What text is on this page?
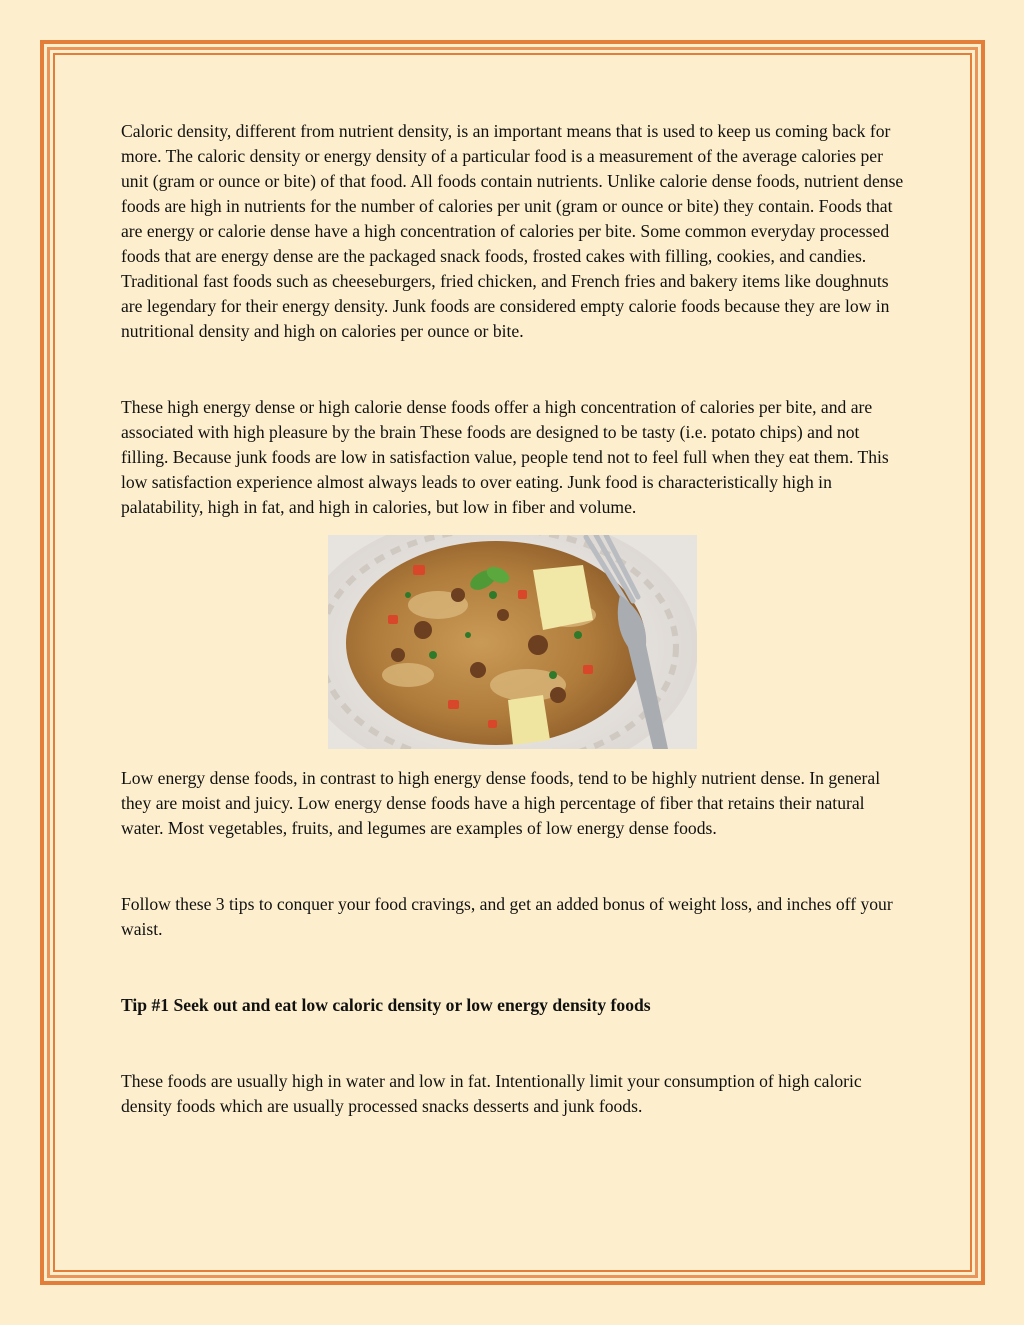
Caloric density, different from nutrient density, is an important means that is used to keep us coming back for more. The caloric density or energy density of a particular food is a measurement of the average calories per unit (gram or ounce or bite) of that food. All foods contain nutrients. Unlike calorie dense foods, nutrient dense foods are high in nutrients for the number of calories per unit (gram or ounce or bite) they contain. Foods that are energy or calorie dense have a high concentration of calories per bite. Some common everyday processed foods that are energy dense are the packaged snack foods, frosted cakes with filling, cookies, and candies. Traditional fast foods such as cheeseburgers, fried chicken, and French fries and bakery items like doughnuts are legendary for their energy density. Junk foods are considered empty calorie foods because they are low in nutritional density and high on calories per ounce or bite.

These high energy dense or high calorie dense foods offer a high concentration of calories per bite, and are associated with high pleasure by the brain These foods are designed to be tasty (i.e. potato chips) and not filling. Because junk foods are low in satisfaction value, people tend not to feel full when they eat them. This low satisfaction experience almost always leads to over eating. Junk food is characteristically high in palatability, high in fat, and high in calories, but low in fiber and volume.

Low energy dense foods, in contrast to high energy dense foods, tend to be highly nutrient dense. In general they are moist and juicy. Low energy dense foods have a high percentage of fiber that retains their natural water. Most vegetables, fruits, and legumes are examples of low energy dense foods.

Follow these 3 tips to conquer your food cravings, and get an added bonus of weight loss, and inches off your waist.

Tip #1 Seek out and eat low caloric density or low energy density foods

These foods are usually high in water and low in fat. Intentionally limit your consumption of high caloric density foods which are usually processed snacks desserts and junk foods.
